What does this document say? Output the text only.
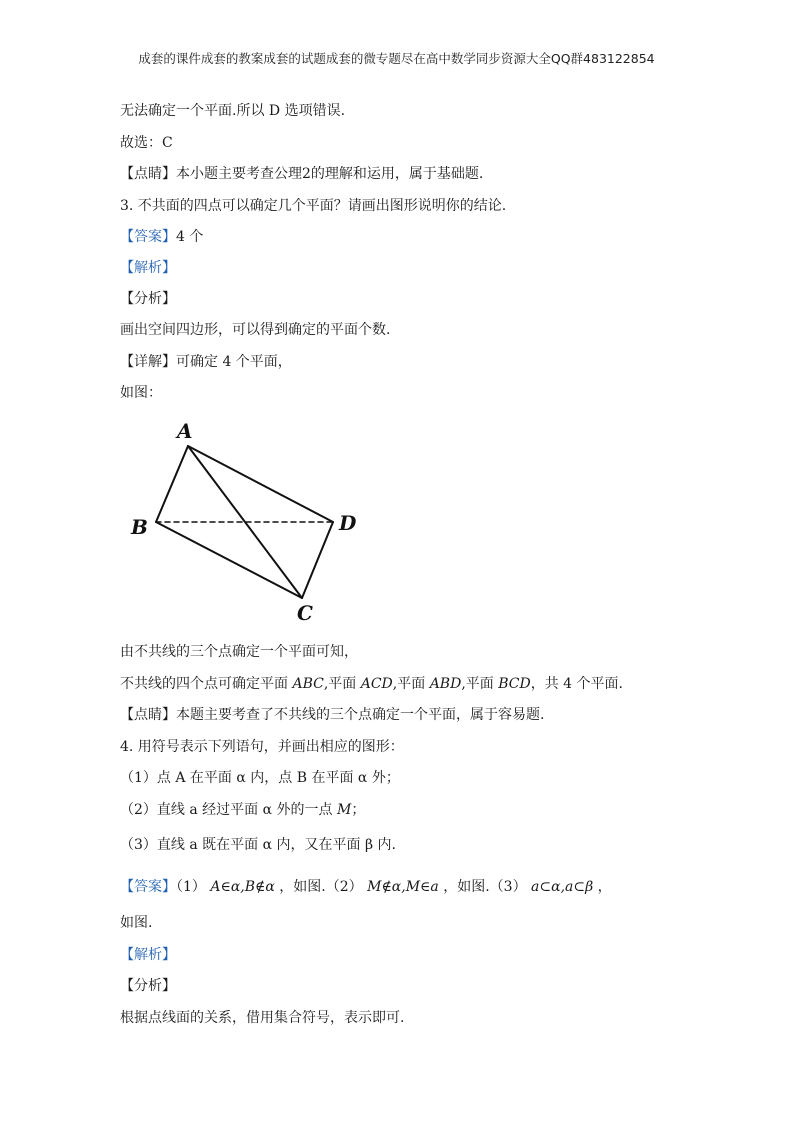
成套的课件成套的教案成套的试题成套的微专题尽在高中数学同步资源大全QQ群483122854
无法确定一个平面.所以 D 选项错误.
故选：C
【点睛】本小题主要考查公理2的理解和运用，属于基础题.
3. 不共面的四点可以确定几个平面？请画出图形说明你的结论.
【答案】4 个
【解析】
【分析】
画出空间四边形，可以得到确定的平面个数.
【详解】可确定 4 个平面，
如图：
A
B
C
D
由不共线的三个点确定一个平面可知，
不共线的四个点可确定平面 ABC,平面 ACD,平面 ABD,平面 BCD，共 4 个平面.
【点睛】本题主要考查了不共线的三个点确定一个平面，属于容易题.
4. 用符号表示下列语句，并画出相应的图形：
（1）点 A 在平面 α 内，点 B 在平面 α 外；
（2）直线 a 经过平面 α 外的一点 M；
（3）直线 a 既在平面 α 内，又在平面 β 内.
【答案】（1） A∈α,B∉α ，如图.（2） M∉α,M∈a ，如图.（3） a⊂α,a⊂β ，
如图.
【解析】
【分析】
根据点线面的关系，借用集合符号，表示即可.
